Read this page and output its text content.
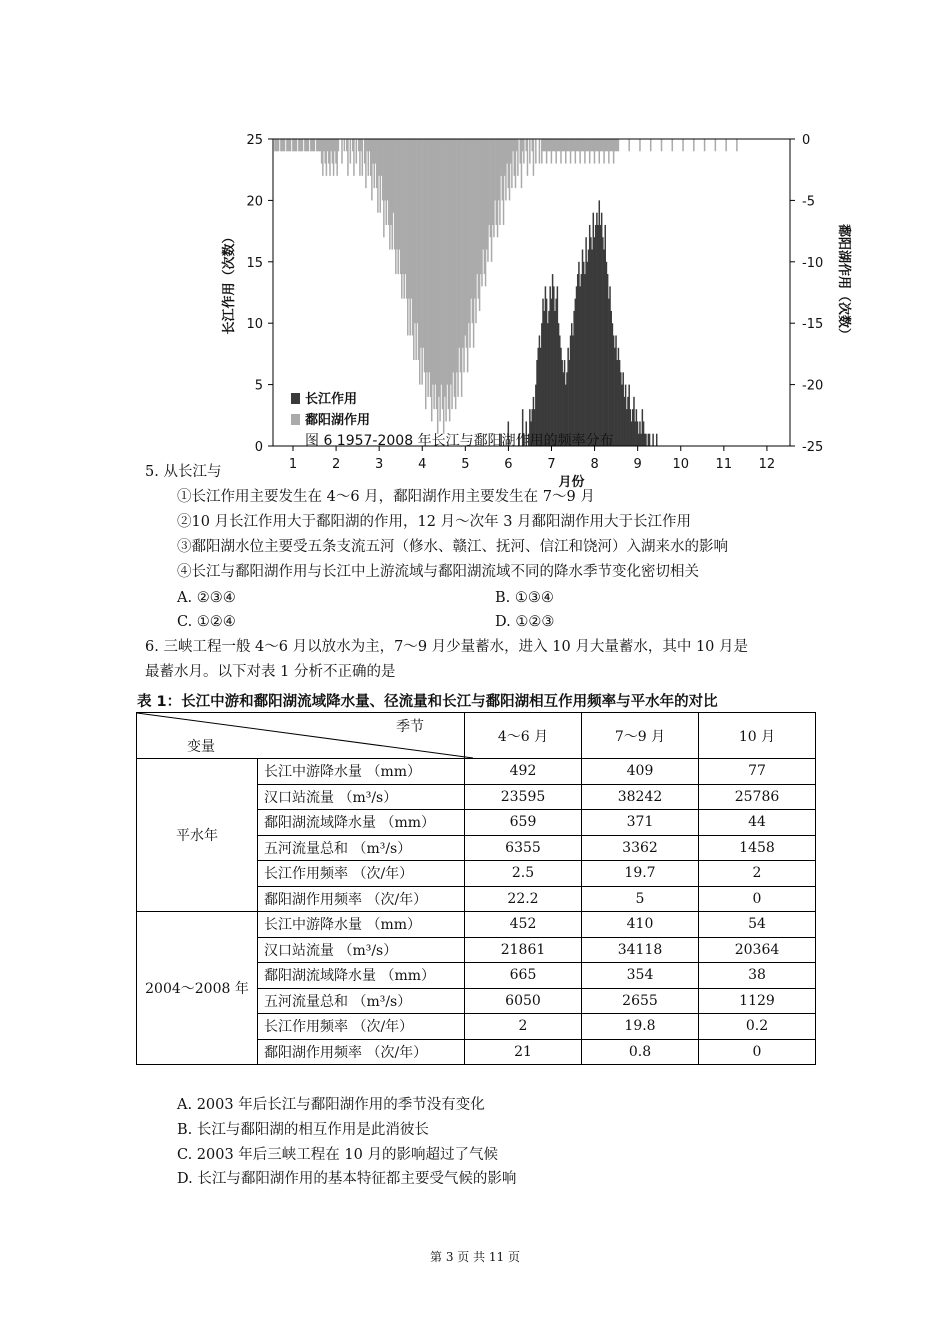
0
5
10
15
20
25	0
-5
-10
-15
-20
-25
1	2	3	4	5	6	7	8	9 10 11 12
月份
长江作用（次数）	鄱阳湖作用（次数）
长江作用
鄱阳湖作用
图 6 1957-2008 年长江与鄱阳湖作用的频率分布
5. 从长江与
①长江作用主要发生在 4～6 月，鄱阳湖作用主要发生在 7～9 月
②10 月长江作用大于鄱阳湖的作用，12 月～次年 3 月鄱阳湖作用大于长江作用
③鄱阳湖水位主要受五条支流五河（修水、赣江、抚河、信江和饶河）入湖来水的影响
④长江与鄱阳湖作用与长江中上游流域与鄱阳湖流域不同的降水季节变化密切相关
A. ②③④	B. ①③④
C. ①②④	D. ①②③
6. 三峡工程一般 4～6 月以放水为主，7～9 月少量蓄水，进入 10 月大量蓄水，其中 10 月是
最蓄水月。以下对表 1 分析不正确的是
表 1：长江中游和鄱阳湖流域降水量、径流量和长江与鄱阳湖相互作用频率与平水年的对比
季节
变量		4～6 月	7～9 月	10 月
平水年	长江中游降水量 （mm）	492	409	77
	汉口站流量 （m³/s）	23595	38242	25786
	鄱阳湖流域降水量 （mm）	659	371	44
	五河流量总和 （m³/s）	6355	3362	1458
	长江作用频率 （次/年）	2.5	19.7	2
	鄱阳湖作用频率 （次/年）	22.2	5	0
2004～2008 年	长江中游降水量 （mm）	452	410	54
	汉口站流量 （m³/s）	21861	34118	20364
	鄱阳湖流域降水量 （mm）	665	354	38
	五河流量总和 （m³/s）	6050	2655	1129
	长江作用频率 （次/年）	2	19.8	0.2
	鄱阳湖作用频率 （次/年）	21	0.8	0
A. 2003 年后长江与鄱阳湖作用的季节没有变化
B. 长江与鄱阳湖的相互作用是此消彼长
C. 2003 年后三峡工程在 10 月的影响超过了气候
D. 长江与鄱阳湖作用的基本特征都主要受气候的影响
第 3 页 共 11 页
